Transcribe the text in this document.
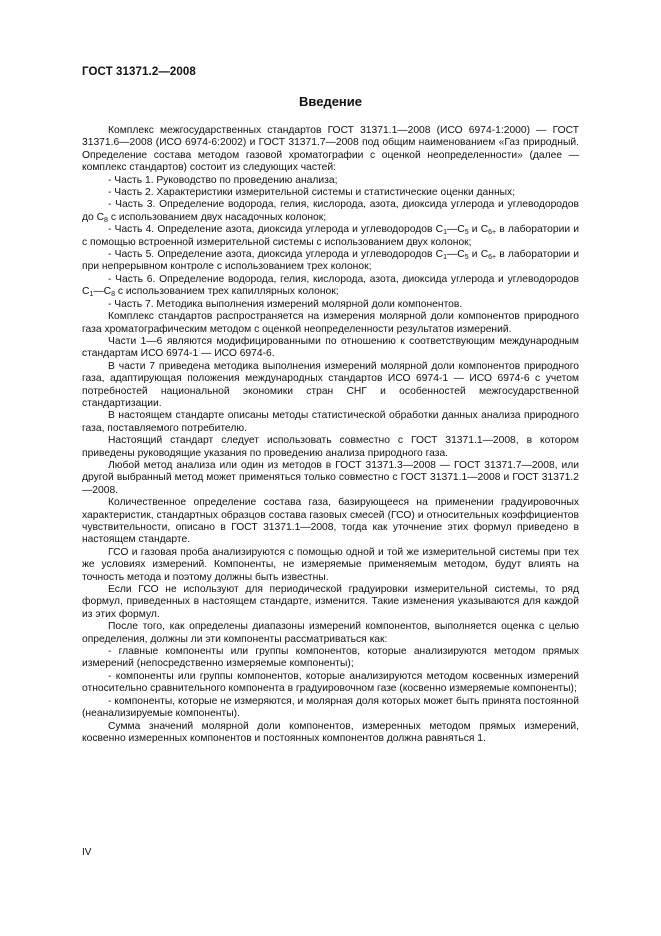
ГОСТ 31371.2—2008
Введение

Комплекс межгосударственных стандартов ГОСТ 31371.1—2008 (ИСО 6974-1:2000) — ГОСТ 31371.6—2008 (ИСО 6974-6:2002) и ГОСТ 31371.7—2008 под общим наименованием «Газ природный. Определение состава методом газовой хроматографии с оценкой неопределенности» (далее — комплекс стандартов) состоит из следующих частей:

- Часть 1. Руководство по проведению анализа;

- Часть 2. Характеристики измерительной системы и статистические оценки данных;

- Часть 3. Определение водорода, гелия, кислорода, азота, диоксида углерода и углеводородов до $C_8$ с использованием двух насадочных колонок;

- Часть 4. Определение азота, диоксида углерода и углеводородов $C_1—C_5$ и $C_{6+}$ в лаборатории и с помощью встроенной измерительной системы с использованием двух колонок;

- Часть 5. Определение азота, диоксида углерода и углеводородов $C_1—C_5$ и $C_{6+}$ в лаборатории и при непрерывном контроле с использованием трех колонок;

- Часть 6. Определение водорода, гелия, кислорода, азота, диоксида углерода и углеводородов $C_1—C_8$ с использованием трех капиллярных колонок;

- Часть 7. Методика выполнения измерений молярной доли компонентов.

Комплекс стандартов распространяется на измерения молярной доли компонентов природного газа хроматографическим методом с оценкой неопределенности результатов измерений.

Части 1—6 являются модифицированными по отношению к соответствующим международным стандартам ИСО 6974-1 — ИСО 6974-6.

В части 7 приведена методика выполнения измерений молярной доли компонентов природного газа, адаптирующая положения международных стандартов ИСО 6974-1 — ИСО 6974-6 с учетом потребностей национальной экономики стран СНГ и особенностей межгосударственной стандартизации.

В настоящем стандарте описаны методы статистической обработки данных анализа природного газа, поставляемого потребителю.

Настоящий стандарт следует использовать совместно с ГОСТ 31371.1—2008, в котором приведены руководящие указания по проведению анализа природного газа.

Любой метод анализа или один из методов в ГОСТ 31371.3—2008 — ГОСТ 31371.7—2008, или другой выбранный метод может применяться только совместно с ГОСТ 31371.1—2008 и ГОСТ 31371.2—2008.

Количественное определение состава газа, базирующееся на применении градуировочных характеристик, стандартных образцов состава газовых смесей (ГСО) и относительных коэффициентов чувствительности, описано в ГОСТ 31371.1—2008, тогда как уточнение этих формул приведено в настоящем стандарте.

ГСО и газовая проба анализируются с помощью одной и той же измерительной системы при тех же условиях измерений. Компоненты, не измеряемые применяемым методом, будут влиять на точность метода и поэтому должны быть известны.

Если ГСО не используют для периодической градуировки измерительной системы, то ряд формул, приведенных в настоящем стандарте, изменится. Такие изменения указываются для каждой из этих формул.

После того, как определены диапазоны измерений компонентов, выполняется оценка с целью определения, должны ли эти компоненты рассматриваться как:

- главные компоненты или группы компонентов, которые анализируются методом прямых измерений (непосредственно измеряемые компоненты);

- компоненты или группы компонентов, которые анализируются методом косвенных измерений относительно сравнительного компонента в градуировочном газе (косвенно измеряемые компоненты);

- компоненты, которые не измеряются, и молярная доля которых может быть принята постоянной (неанализируемые компоненты).

Сумма значений молярной доли компонентов, измеренных методом прямых измерений, косвенно измеренных компонентов и постоянных компонентов должна равняться 1.

IV
